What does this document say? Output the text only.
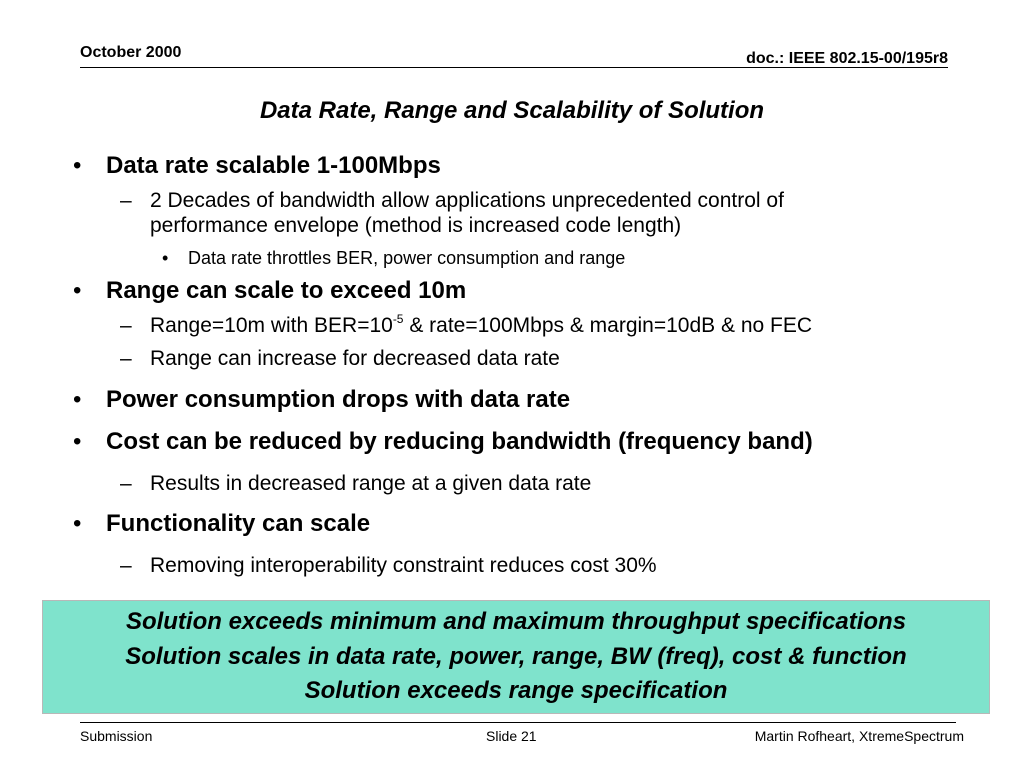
October 2000	doc.: IEEE 802.15-00/195r8
Data Rate, Range and Scalability of Solution
• Data rate scalable 1-100Mbps
– 2 Decades of bandwidth allow applications unprecedented control of
performance envelope (method is increased code length)
• Data rate throttles BER, power consumption and range
• Range can scale to exceed 10m
– Range=10m with $BER=10^{-5}$ & rate=100Mbps & margin=10dB & no FEC
– Range can increase for decreased data rate
• Power consumption drops with data rate
• Cost can be reduced by reducing bandwidth (frequency band)
– Results in decreased range at a given data rate
• Functionality can scale
– Removing interoperability constraint reduces cost 30%
Solution exceeds minimum and maximum throughput specifications
Solution scales in data rate, power, range, BW (freq), cost & function
Solution exceeds range specification
Submission	Slide 21	Martin Rofheart, XtremeSpectrum
